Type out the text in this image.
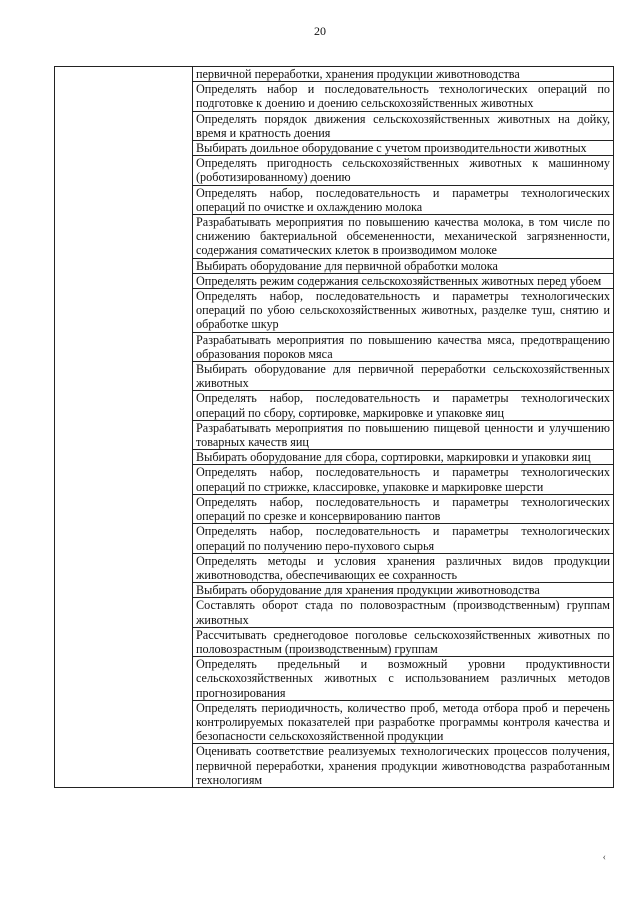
20

первичной переработки, хранения продукции животноводства
Определять набор и последовательность технологических операций по подготовке к доению и доению сельскохозяйственных животных
Определять порядок движения сельскохозяйственных животных на дойку, время и кратность доения
Выбирать доильное оборудование с учетом производительности животных
Определять пригодность сельскохозяйственных животных к машинному (роботизированному) доению
Определять набор, последовательность и параметры технологических операций по очистке и охлаждению молока
Разрабатывать мероприятия по повышению качества молока, в том числе по снижению бактериальной обсемененности, механической загрязненности, содержания соматических клеток в производимом молоке
Выбирать оборудование для первичной обработки молока
Определять режим содержания сельскохозяйственных животных перед убоем
Определять набор, последовательность и параметры технологических операций по убою сельскохозяйственных животных, разделке туш, снятию и обработке шкур
Разрабатывать мероприятия по повышению качества мяса, предотвращению образования пороков мяса
Выбирать оборудование для первичной переработки сельскохозяйственных животных
Определять набор, последовательность и параметры технологических операций по сбору, сортировке, маркировке и упаковке яиц
Разрабатывать мероприятия по повышению пищевой ценности и улучшению товарных качеств яиц
Выбирать оборудование для сбора, сортировки, маркировки и упаковки яиц
Определять набор, последовательность и параметры технологических операций по стрижке, классировке, упаковке и маркировке шерсти
Определять набор, последовательность и параметры технологических операций по срезке и консервированию пантов
Определять набор, последовательность и параметры технологических операций по получению перо-пухового сырья
Определять методы и условия хранения различных видов продукции животноводства, обеспечивающих ее сохранность
Выбирать оборудование для хранения продукции животноводства
Составлять оборот стада по половозрастным (производственным) группам животных
Рассчитывать среднегодовое поголовье сельскохозяйственных животных по половозрастным (производственным) группам
Определять предельный и возможный уровни продуктивности сельскохозяйственных животных с использованием различных методов прогнозирования
Определять периодичность, количество проб, метода отбора проб и перечень контролируемых показателей при разработке программы контроля качества и безопасности сельскохозяйственной продукции
Оценивать соответствие реализуемых технологических процессов получения, первичной переработки, хранения продукции животноводства разработанным технологиям
‹
